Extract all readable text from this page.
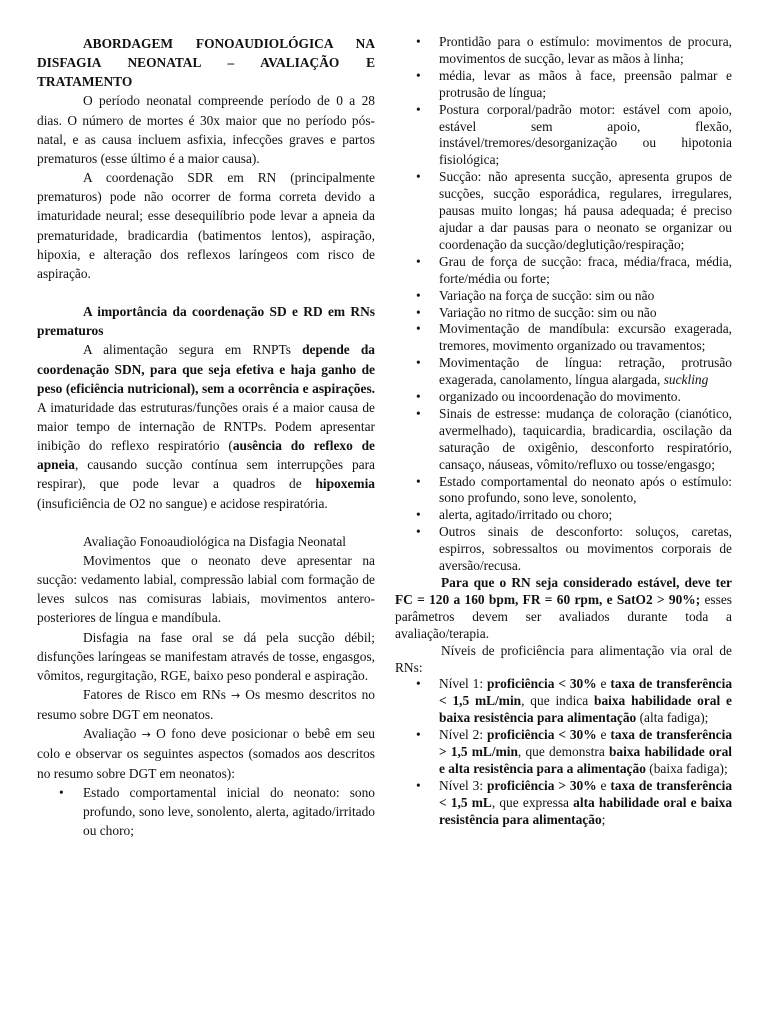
ABORDAGEM FONOAUDIOLÓGICA NA DISFAGIA NEONATAL – AVALIAÇÃO E TRATAMENTO

O período neonatal compreende período de 0 a 28 dias. O número de mortes é 30x maior que no período pós-natal, e as causa incluem asfixia, infecções graves e partos prematuros (esse último é a maior causa).

A coordenação SDR em RN (principalmente prematuros) pode não ocorrer de forma correta devido a imaturidade neural; esse desequilíbrio pode levar a apneia da prematuridade, bradicardia (batimentos lentos), aspiração, hipoxia, e alteração dos reflexos laríngeos com risco de aspiração.

A importância da coordenação SD e RD em RNs prematuros

A alimentação segura em RNPTs depende da coordenação SDN, para que seja efetiva e haja ganho de peso (eficiência nutricional), sem a ocorrência e aspirações. A imaturidade das estruturas/funções orais é a maior causa de maior tempo de internação de RNTPs. Podem apresentar inibição do reflexo respiratório (ausência do reflexo de apneia, causando sucção contínua sem interrupções para respirar), que pode levar a quadros de hipoxemia (insuficiência de O2 no sangue) e acidose respiratória.

Avaliação Fonoaudiológica na Disfagia Neonatal

Movimentos que o neonato deve apresentar na sucção: vedamento labial, compressão labial com formação de leves sulcos nas comisuras labiais, movimentos antero-posteriores de língua e mandíbula.

Disfagia na fase oral se dá pela sucção débil; disfunções laríngeas se manifestam através de tosse, engasgos, vômitos, regurgitação, RGE, baixo peso ponderal e aspiração.

Fatores de Risco em RNs → Os mesmo descritos no resumo sobre DGT em neonatos.

Avaliação → O fono deve posicionar o bebê em seu colo e observar os seguintes aspectos (somados aos descritos no resumo sobre DGT em neonatos):

• Estado comportamental inicial do neonato: sono profundo, sono leve, sonolento, alerta, agitado/irritado ou choro;
• Prontidão para o estímulo: movimentos de procura, movimentos de sucção, levar as mãos à linha;
• média, levar as mãos à face, preensão palmar e protrusão de língua;
• Postura corporal/padrão motor: estável com apoio, estável sem apoio, flexão, instável/tremores/desorganização ou hipotonia fisiológica;
• Sucção: não apresenta sucção, apresenta grupos de sucções, sucção esporádica, regulares, irregulares, pausas muito longas; há pausa adequada; é preciso ajudar a dar pausas para o neonato se organizar ou coordenação da sucção/deglutição/respiração;
• Grau de força de sucção: fraca, média/fraca, média, forte/média ou forte;
• Variação na força de sucção: sim ou não
• Variação no ritmo de sucção: sim ou não
• Movimentação de mandíbula: excursão exagerada, tremores, movimento organizado ou travamentos;
• Movimentação de língua: retração, protrusão exagerada, canolamento, língua alargada, suckling
• organizado ou incoordenação do movimento.
• Sinais de estresse: mudança de coloração (cianótico, avermelhado), taquicardia, bradicardia, oscilação da saturação de oxigênio, desconforto respiratório, cansaço, náuseas, vômito/refluxo ou tosse/engasgo;
• Estado comportamental do neonato após o estímulo: sono profundo, sono leve, sonolento,
• alerta, agitado/irritado ou choro;
• Outros sinais de desconforto: soluços, caretas, espirros, sobressaltos ou movimentos corporais de aversão/recusa.

Para que o RN seja considerado estável, deve ter FC = 120 a 160 bpm, FR = 60 rpm, e SatO2 > 90%; esses parâmetros devem ser avaliados durante toda a avaliação/terapia.

Níveis de proficiência para alimentação via oral de RNs:

• Nível 1: proficiência < 30% e taxa de transferência < 1,5 mL/min, que indica baixa habilidade oral e baixa resistência para alimentação (alta fadiga);
• Nível 2: proficiência < 30% e taxa de transferência > 1,5 mL/min, que demonstra baixa habilidade oral e alta resistência para a alimentação (baixa fadiga);
• Nível 3: proficiência > 30% e taxa de transferência < 1,5 mL, que expressa alta habilidade oral e baixa resistência para alimentação;
